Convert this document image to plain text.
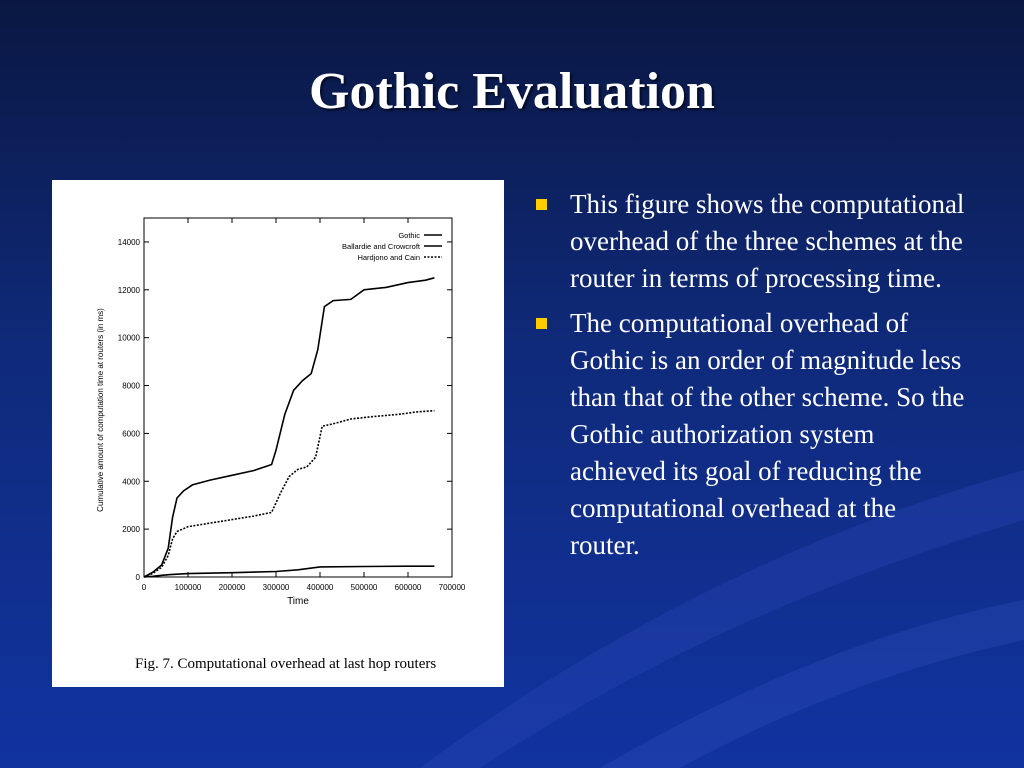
Gothic Evaluation
0	100000 200000 300000 400000 500000 600000 700000
0
2000
4000
6000
8000
10000
12000
14000
Gothic
Ballardie and Crowcroft
Hardjono and Cain
Time
Cumulative amount of computation time at routers (in ms)
Fig. 7. Computational overhead at last hop routers
This figure shows the computational overhead of the three schemes at the router in terms of processing time.
The computational overhead of Gothic is an order of magnitude less than that of the other scheme. So the Gothic authorization system achieved its goal of reducing the computational overhead at the router.
